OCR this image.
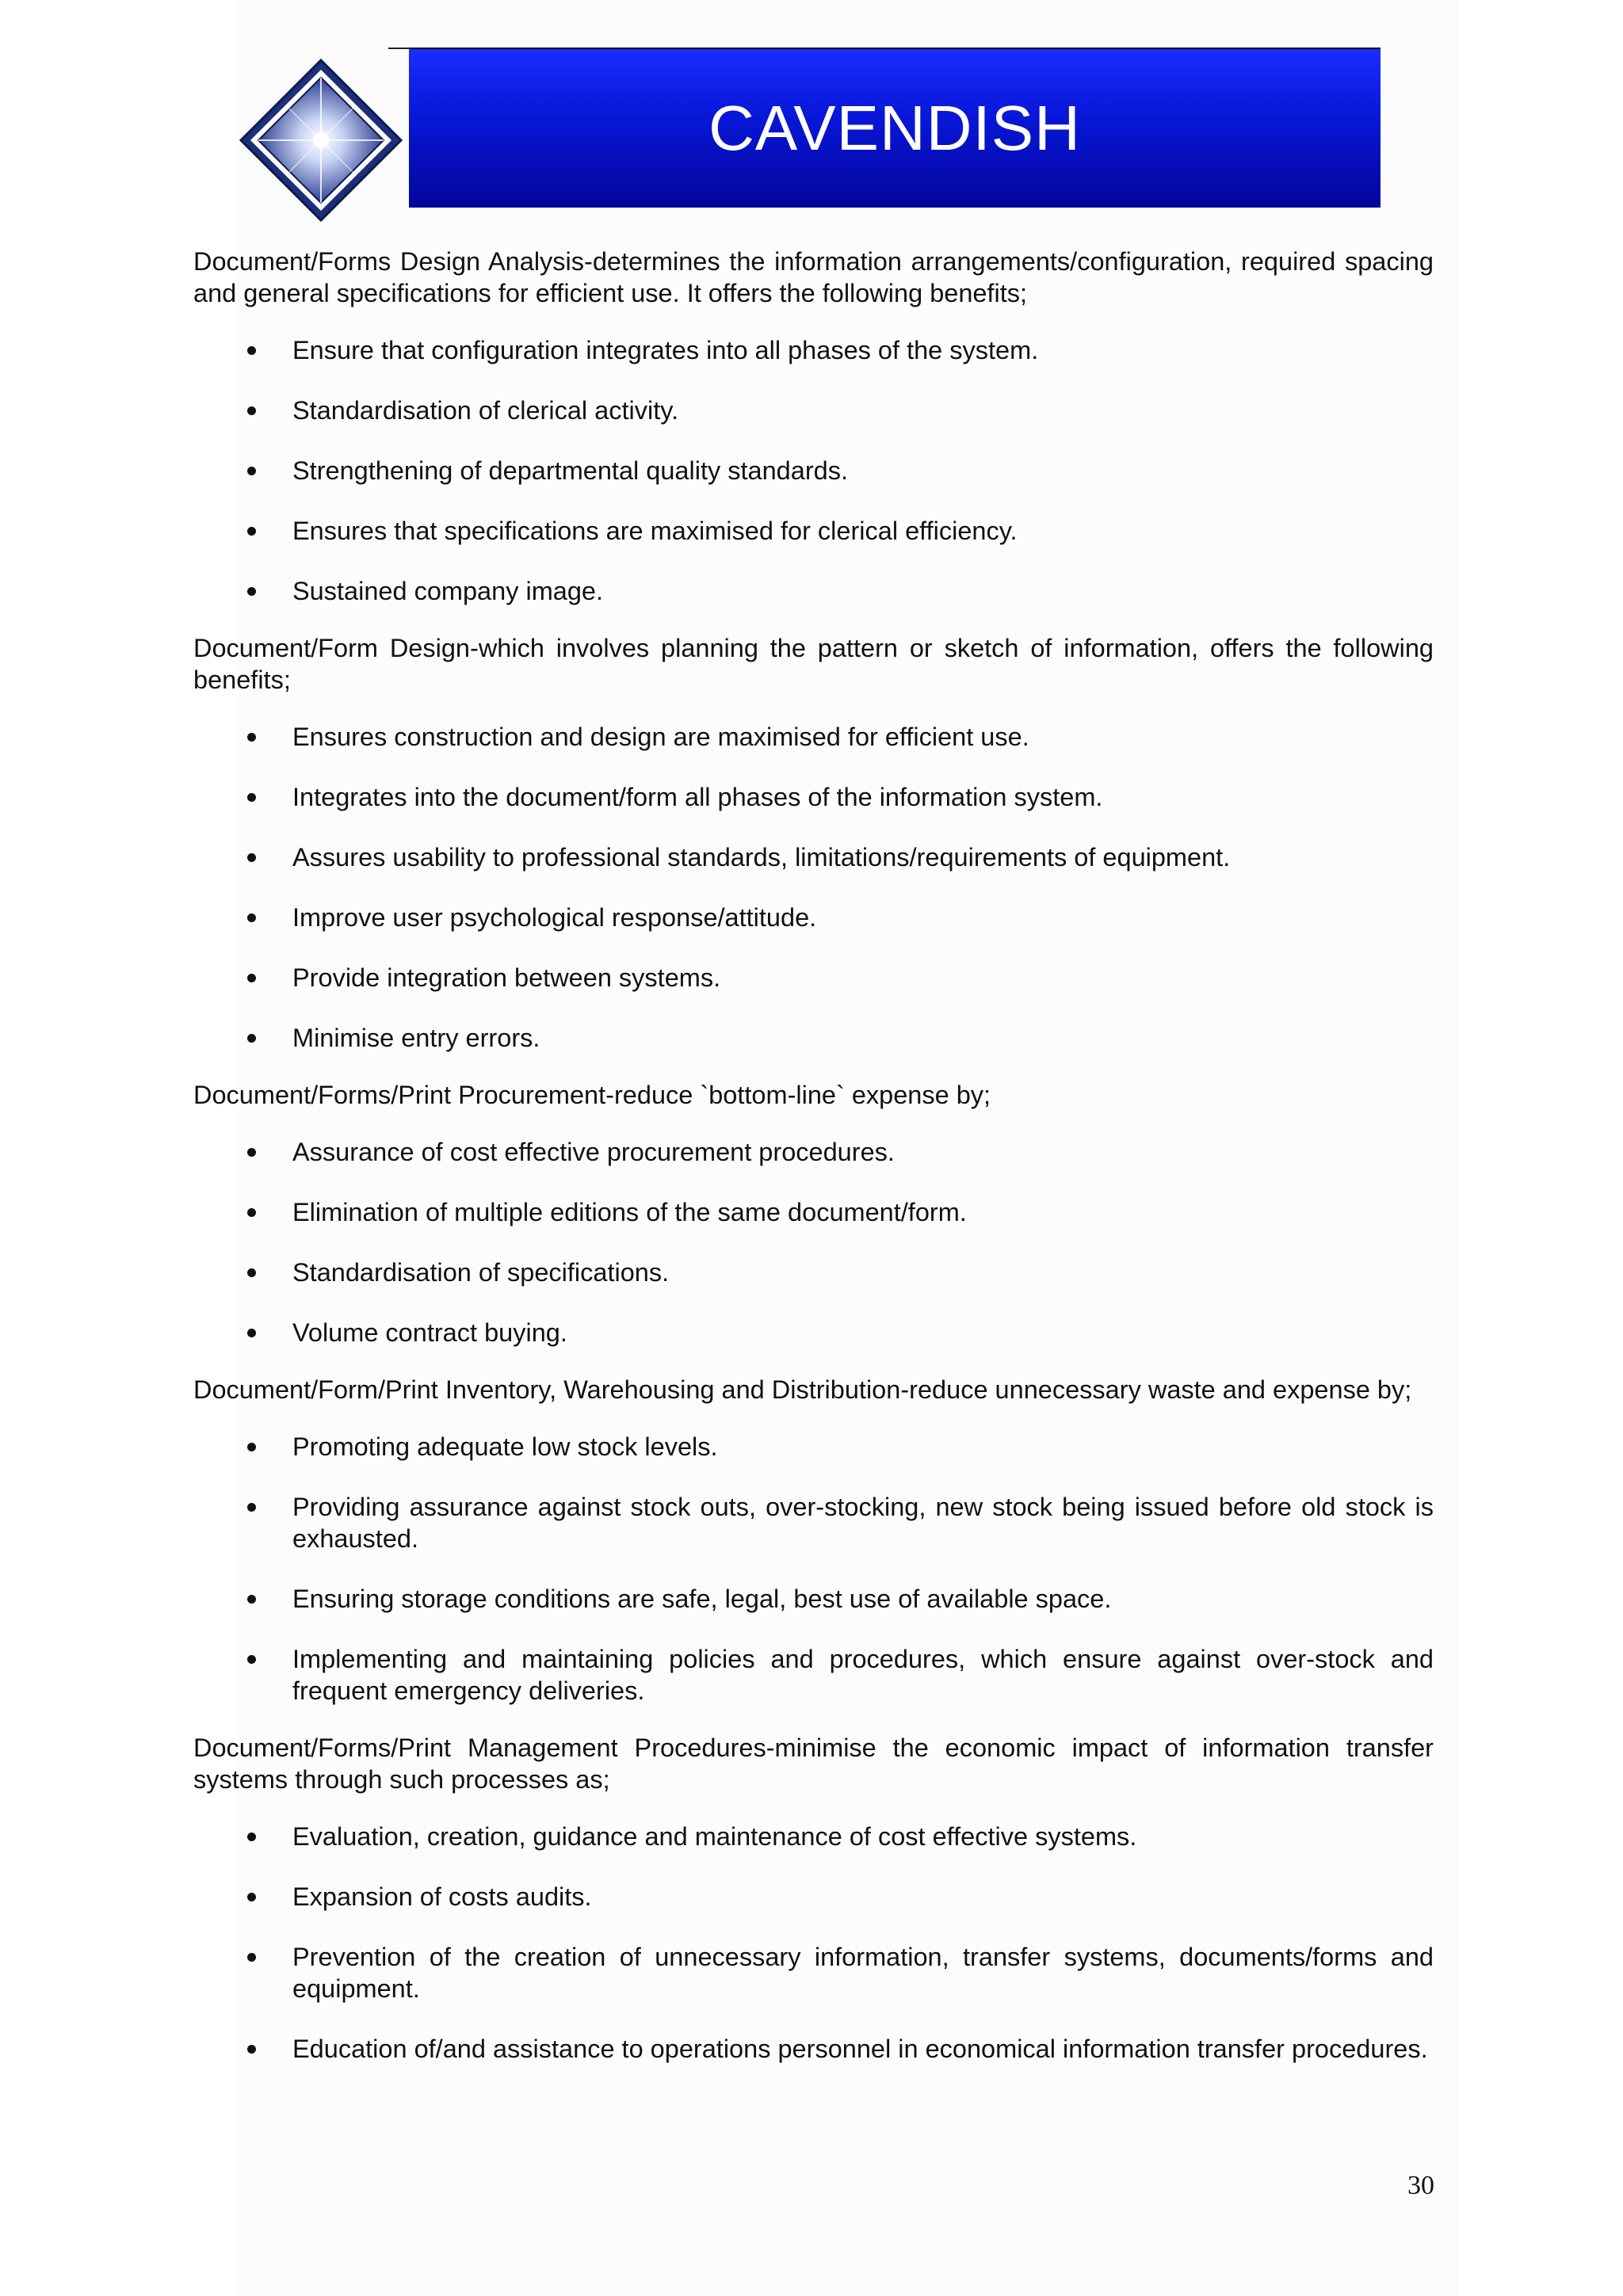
CAVENDISH

Document/Forms Design Analysis-determines the information arrangements/configuration, required spacing and general specifications for efficient use. It offers the following benefits;

Ensure that configuration integrates into all phases of the system.
Standardisation of clerical activity.
Strengthening of departmental quality standards.
Ensures that specifications are maximised for clerical efficiency.
Sustained company image.

Document/Form Design-which involves planning the pattern or sketch of information, offers the following benefits;

Ensures construction and design are maximised for efficient use.
Integrates into the document/form all phases of the information system.
Assures usability to professional standards, limitations/requirements of equipment.
Improve user psychological response/attitude.
Provide integration between systems.
Minimise entry errors.

Document/Forms/Print Procurement-reduce `bottom-line` expense by;

Assurance of cost effective procurement procedures.
Elimination of multiple editions of the same document/form.
Standardisation of specifications.
Volume contract buying.

Document/Form/Print Inventory, Warehousing and Distribution-reduce unnecessary waste and expense by;

Promoting adequate low stock levels.
Providing assurance against stock outs, over-stocking, new stock being issued before old stock is exhausted.
Ensuring storage conditions are safe, legal, best use of available space.
Implementing and maintaining policies and procedures, which ensure against over-stock and frequent emergency deliveries.

Document/Forms/Print Management Procedures-minimise the economic impact of information transfer systems through such processes as;

Evaluation, creation, guidance and maintenance of cost effective systems.
Expansion of costs audits.
Prevention of the creation of unnecessary information, transfer systems, documents/forms and equipment.
Education of/and assistance to operations personnel in economical information transfer procedures.
30
